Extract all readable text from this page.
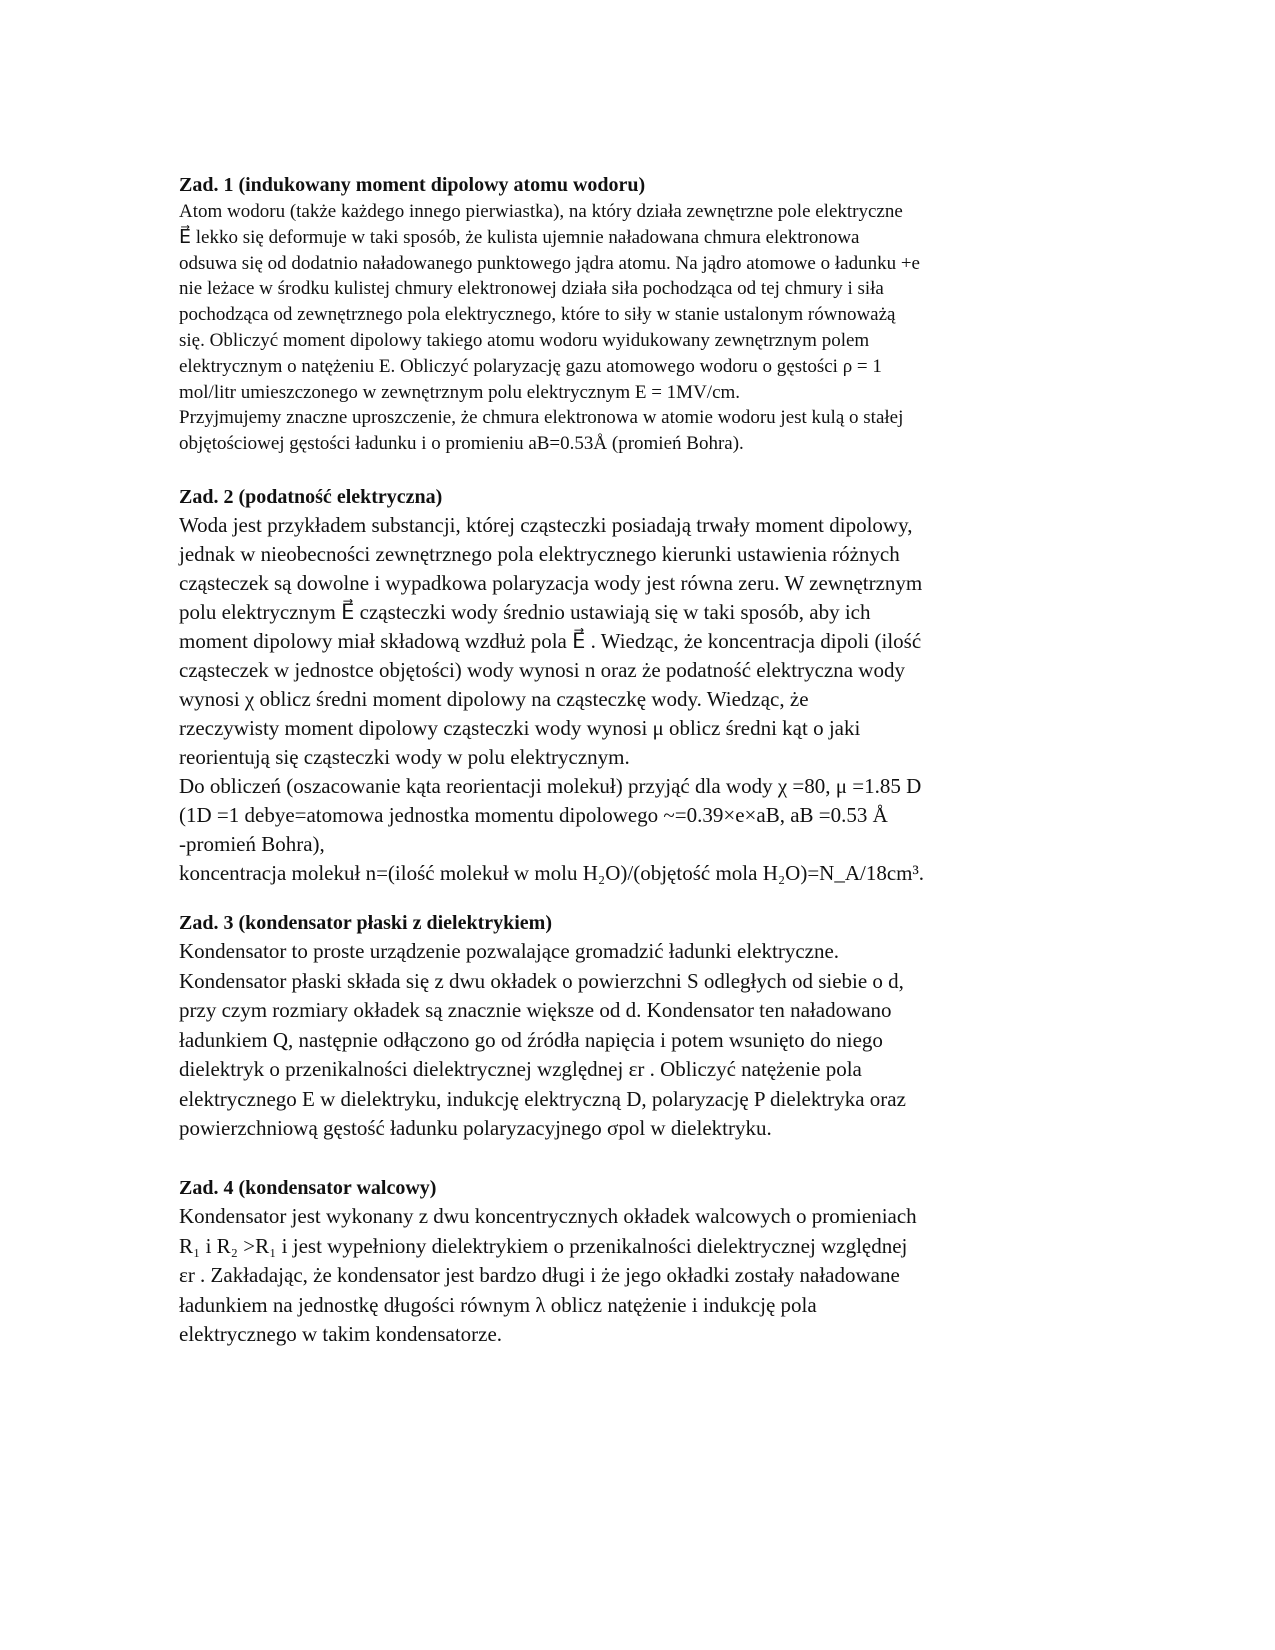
Zad. 1 (indukowany moment dipolowy atomu wodoru)
Atom wodoru (także każdego innego pierwiastka), na który działa zewnętrzne pole elektryczne
E⃗ lekko się deformuje w taki sposób, że kulista ujemnie naładowana chmura elektronowa
odsuwa się od dodatnio naładowanego punktowego jądra atomu. Na jądro atomowe o ładunku +e
nie leżace w środku kulistej chmury elektronowej działa siła pochodząca od tej chmury i siła
pochodząca od zewnętrznego pola elektrycznego, które to siły w stanie ustalonym równoważą
się. Obliczyć moment dipolowy takiego atomu wodoru wyidukowany zewnętrznym polem
elektrycznym o natężeniu E. Obliczyć polaryzację gazu atomowego wodoru o gęstości ρ = 1
mol/litr umieszczonego w zewnętrznym polu elektrycznym E = 1MV/cm.
Przyjmujemy znaczne uproszczenie, że chmura elektronowa w atomie wodoru jest kulą o stałej
objętościowej gęstości ładunku i o promieniu aB=0.53Å (promień Bohra).
Zad. 2 (podatność elektryczna)
Woda jest przykładem substancji, której cząsteczki posiadają trwały moment dipolowy,
jednak w nieobecności zewnętrznego pola elektrycznego kierunki ustawienia różnych
cząsteczek są dowolne i wypadkowa polaryzacja wody jest równa zeru. W zewnętrznym
polu elektrycznym E⃗ cząsteczki wody średnio ustawiają się w taki sposób, aby ich
moment dipolowy miał składową wzdłuż pola E⃗ . Wiedząc, że koncentracja dipoli (ilość
cząsteczek w jednostce objętości) wody wynosi n oraz że podatność elektryczna wody
wynosi χ oblicz średni moment dipolowy na cząsteczkę wody. Wiedząc, że
rzeczywisty moment dipolowy cząsteczki wody wynosi μ oblicz średni kąt o jaki
reorientują się cząsteczki wody w polu elektrycznym.
Do obliczeń (oszacowanie kąta reorientacji molekuł) przyjąć dla wody χ =80, μ =1.85 D
(1D =1 debye=atomowa jednostka momentu dipolowego ~=0.39×e×aB, aB =0.53 Å
-promień Bohra),
koncentracja molekuł n=(ilość molekuł w molu H₂O)/(objętość mola H₂O)=N_A/18cm³.
Zad. 3 (kondensator płaski z dielektrykiem)
Kondensator to proste urządzenie pozwalające gromadzić ładunki elektryczne.
Kondensator płaski składa się z dwu okładek o powierzchni S odległych od siebie o d,
przy czym rozmiary okładek są znacznie większe od d. Kondensator ten naładowano
ładunkiem Q, następnie odłączono go od źródła napięcia i potem wsunięto do niego
dielektryk o przenikalności dielektrycznej względnej εr . Obliczyć natężenie pola
elektrycznego E w dielektryku, indukcję elektryczną D, polaryzację P dielektryka oraz
powierzchniową gęstość ładunku polaryzacyjnego σpol w dielektryku.
Zad. 4 (kondensator walcowy)
Kondensator jest wykonany z dwu koncentrycznych okładek walcowych o promieniach
R₁ i R₂ >R₁ i jest wypełniony dielektrykiem o przenikalności dielektrycznej względnej
εr . Zakładając, że kondensator jest bardzo długi i że jego okładki zostały naładowane
ładunkiem na jednostkę długości równym λ oblicz natężenie i indukcję pola
elektrycznego w takim kondensatorze.
